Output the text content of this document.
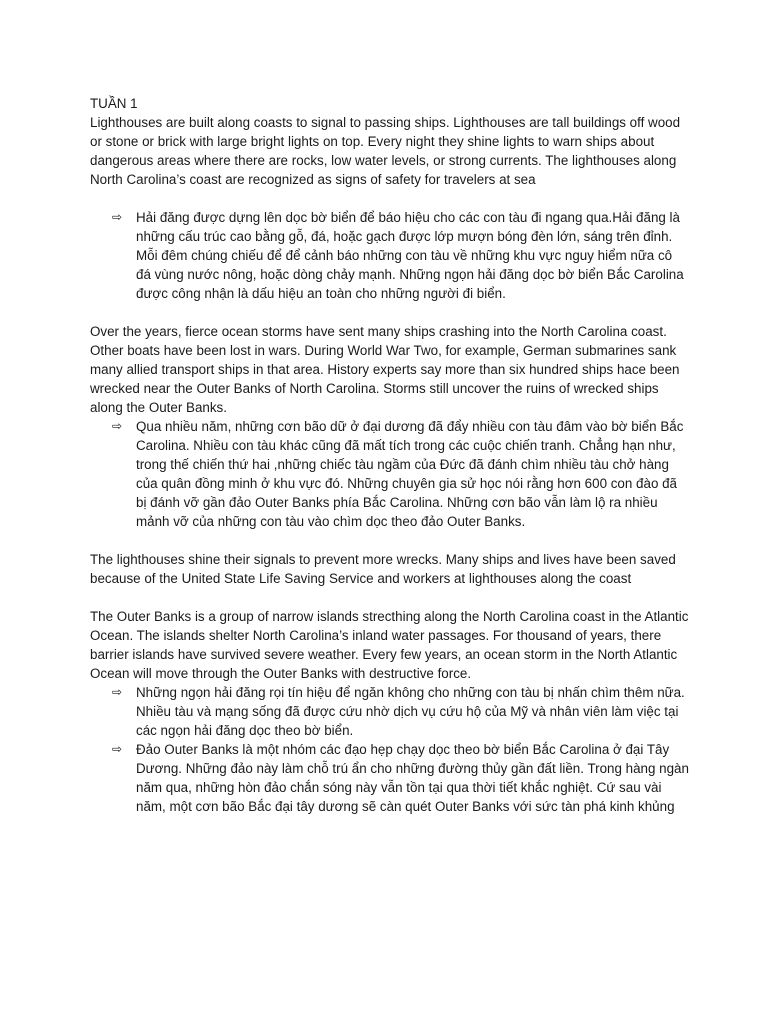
TUẦN 1

Lighthouses are built along coasts to signal to passing ships. Lighthouses are tall buildings off wood or stone or brick with large bright lights on top. Every night they shine lights to warn ships about dangerous areas where there are rocks, low water levels, or strong currents. The lighthouses along North Carolina’s coast are recognized as signs of safety for travelers at sea

⇨	Hải đăng được dựng lên dọc bờ biển để báo hiệu cho các con tàu đi ngang qua.Hải đăng là những cấu trúc cao bằng gỗ, đá, hoặc gạch được lớp mượn bóng đèn lớn, sáng trên đỉnh. Mỗi đêm chúng chiếu để để cảnh báo những con tàu về những khu vực nguy hiểm nữa cô đá vùng nước nông, hoặc dòng chảy mạnh. Những ngọn hải đăng dọc bờ biển Bắc Carolina được công nhận là dấu hiệu an toàn cho những người đi biển.

Over the years, fierce ocean storms have sent many ships crashing into the North Carolina coast. Other boats have been lost in wars. During World War Two, for example, German submarines sank many allied transport ships in that area. History experts say more than six hundred ships hace been wrecked near the Outer Banks of North Carolina. Storms still uncover the ruins of wrecked ships along the Outer Banks.

⇨	Qua nhiều năm, những cơn bão dữ ở đại dương đã đẩy nhiều con tàu đâm vào bờ biển Bắc Carolina. Nhiều con tàu khác cũng đã mất tích trong các cuộc chiến tranh. Chẳng hạn như, trong thế chiến thứ hai ,những chiếc tàu ngầm của Đức đã đánh chìm nhiều tàu chở hàng của quân đồng minh ở khu vực đó. Những chuyên gia sử học nói rằng hơn 600 con đào đã bị đánh vỡ gần đảo Outer Banks phía Bắc Carolina. Những cơn bão vẫn làm lộ ra nhiều mảnh vỡ của những con tàu vào chìm dọc theo đảo Outer Banks.

The lighthouses shine their signals to prevent more wrecks. Many ships and lives have been saved because of the United State Life Saving Service and workers at lighthouses along the coast

The Outer Banks is a group of narrow islands strecthing along the North Carolina coast in the Atlantic Ocean. The islands shelter North Carolina’s inland water passages. For thousand of years, there barrier islands have survived severe weather. Every few years, an ocean storm in the North Atlantic Ocean will move through the Outer Banks with destructive force.

⇨	Những ngọn hải đăng rọi tín hiệu để ngăn không cho những con tàu bị nhấn chìm thêm nữa. Nhiều tàu và mạng sống đã được cứu nhờ dịch vụ cứu hộ của Mỹ và nhân viên làm việc tại các ngọn hải đăng dọc theo bờ biển.

⇨	Đảo Outer Banks là một nhóm các đạo hẹp chạy dọc theo bờ biển Bắc Carolina ở đại Tây Dương. Những đảo này làm chỗ trú ẩn cho những đường thủy gần đất liền. Trong hàng ngàn năm qua, những hòn đảo chắn sóng này vẫn tồn tại qua thời tiết khắc nghiệt. Cứ sau vài năm, một cơn bão Bắc đại tây dương sẽ càn quét Outer Banks với sức tàn phá kinh khủng
